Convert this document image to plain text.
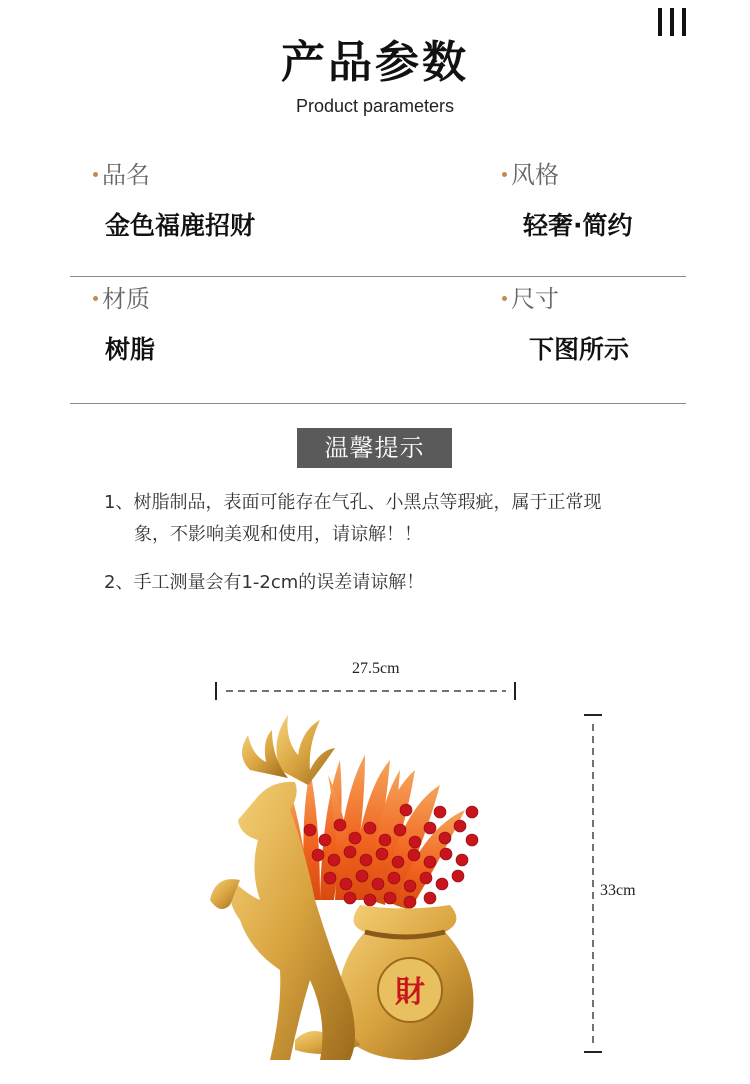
产品参数
Product parameters
品名
金色福鹿招财
风格
轻奢·简约
材质
树脂
尺寸
下图所示
温馨提示
1、树脂制品，表面可能存在气孔、小黑点等瑕疵，属于正常现
象，不影响美观和使用，请谅解！！
2、手工测量会有1-2cm的误差请谅解！
27.5cm
33cm
財
